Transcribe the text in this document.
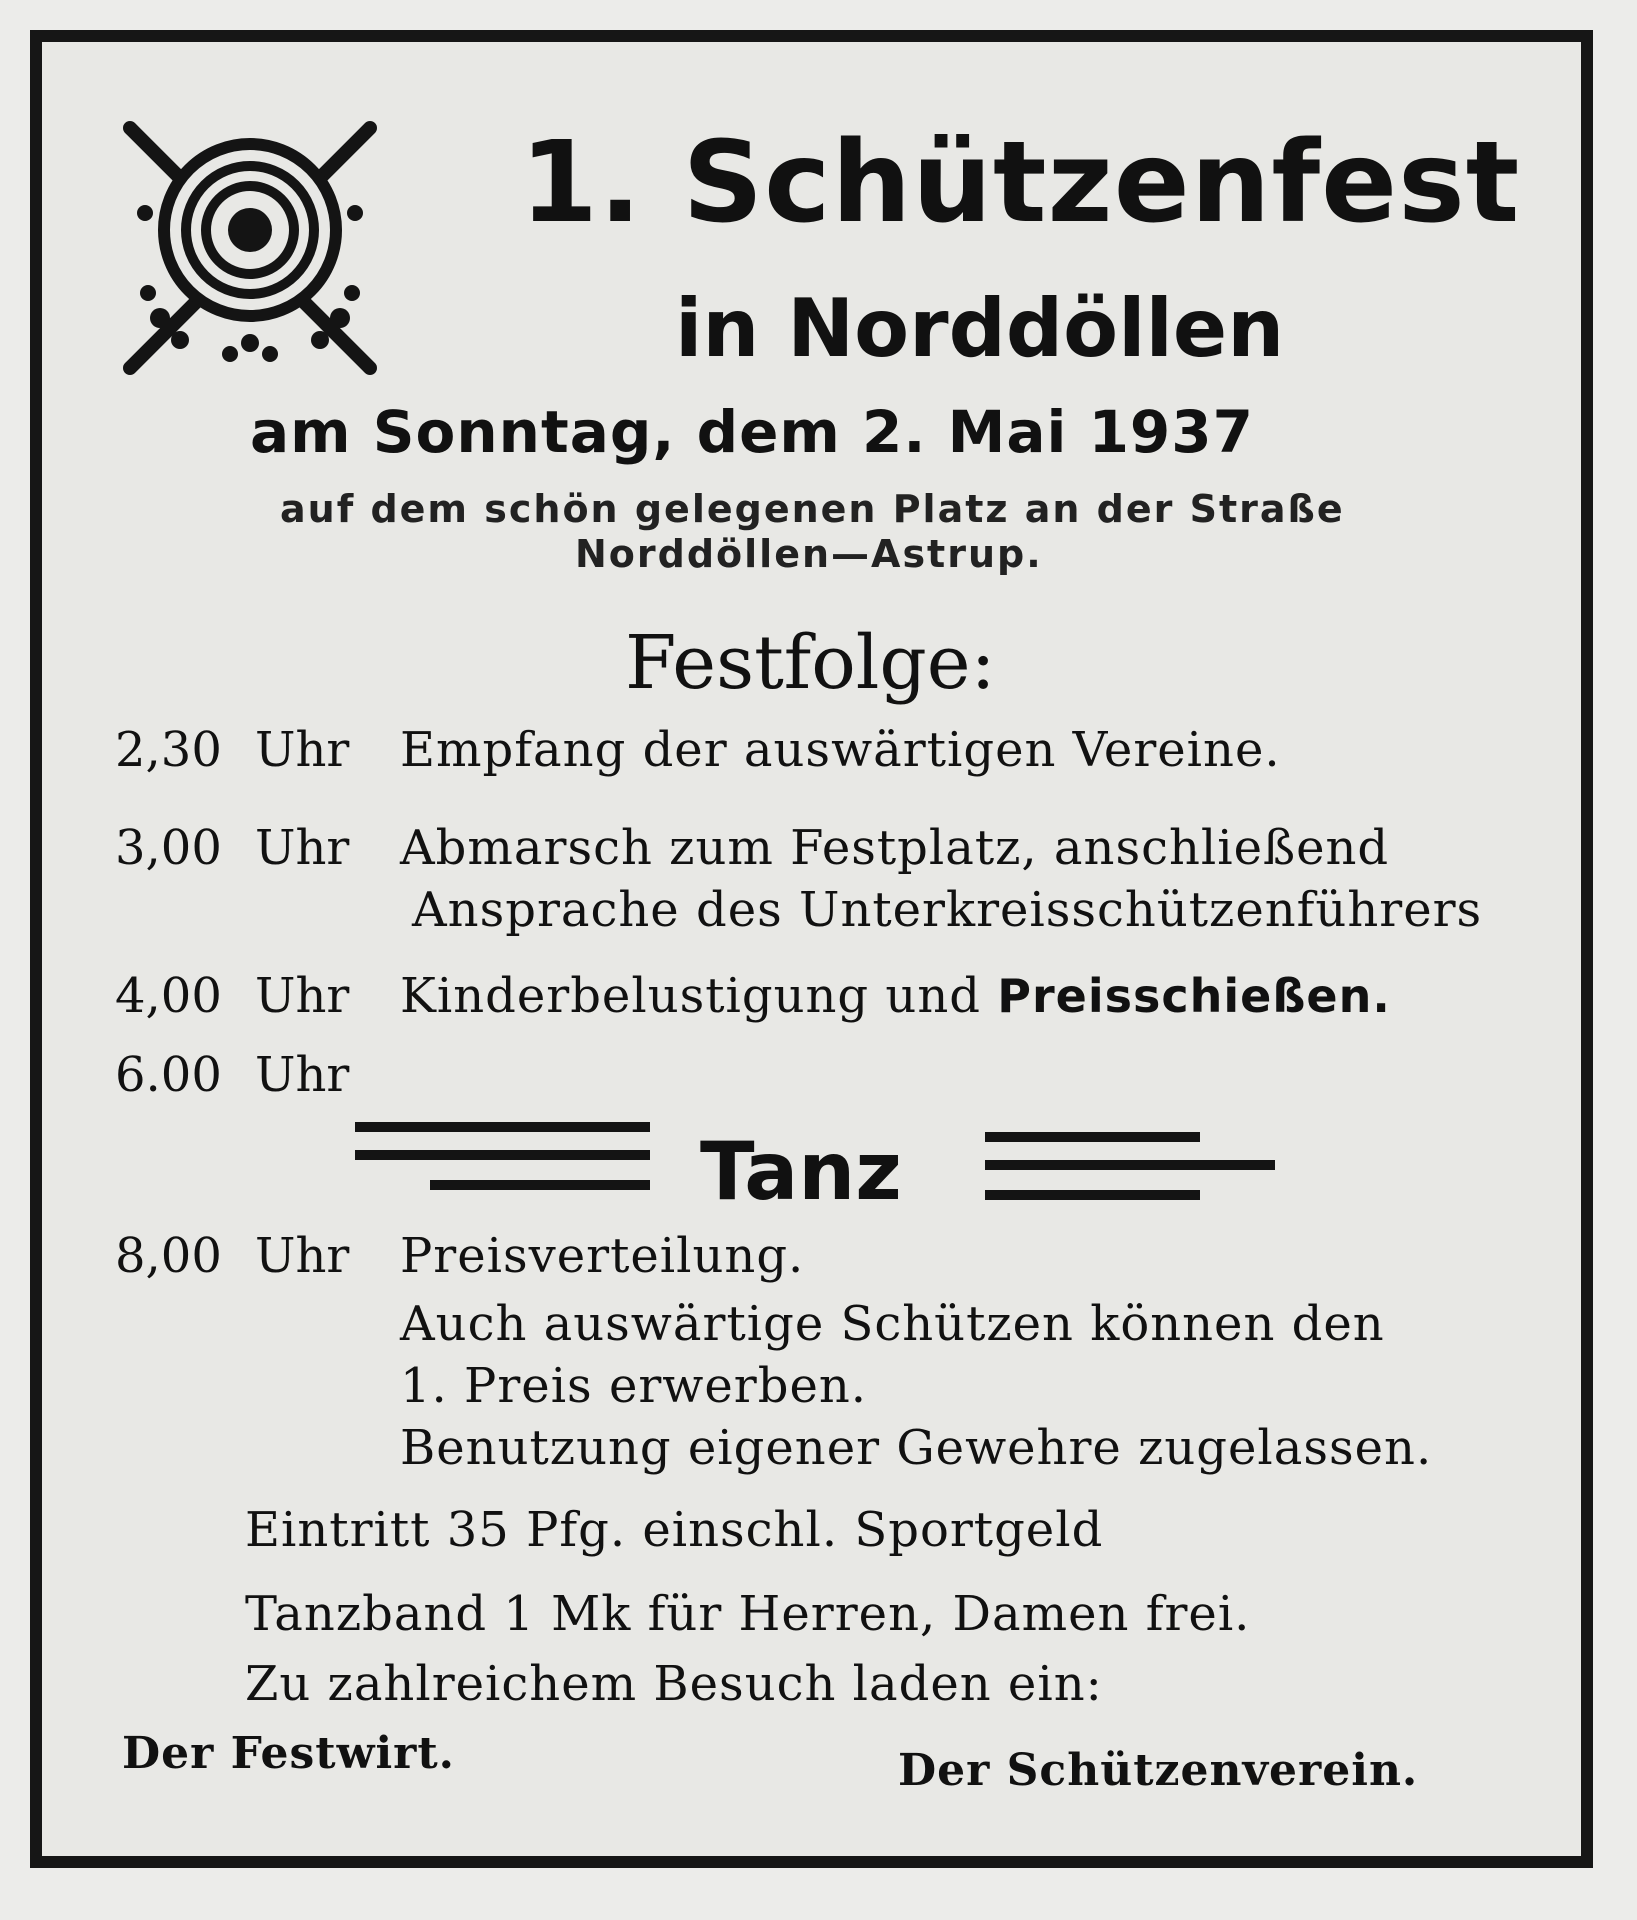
1. Schützenfest
in Norddöllen
am Sonntag, dem 2. Mai 1937
auf dem schön gelegenen Platz an der Straße
Norddöllen—Astrup.
Festfolge:
2,30 Uhr Empfang der auswärtigen Vereine.
3,00 Uhr Abmarsch zum Festplatz, anschließend
Ansprache des Unterkreisschützenführers
4,00 Uhr Kinderbelustigung und Preisschießen.
6.00 Uhr
Tanz
8,00 Uhr Preisverteilung.
Auch auswärtige Schützen können den
1. Preis erwerben.
Benutzung eigener Gewehre zugelassen.
Eintritt 35 Pfg. einschl. Sportgeld
Tanzband 1 Mk für Herren, Damen frei.
Zu zahlreichem Besuch laden ein:
Der Festwirt.	Der Schützenverein.
